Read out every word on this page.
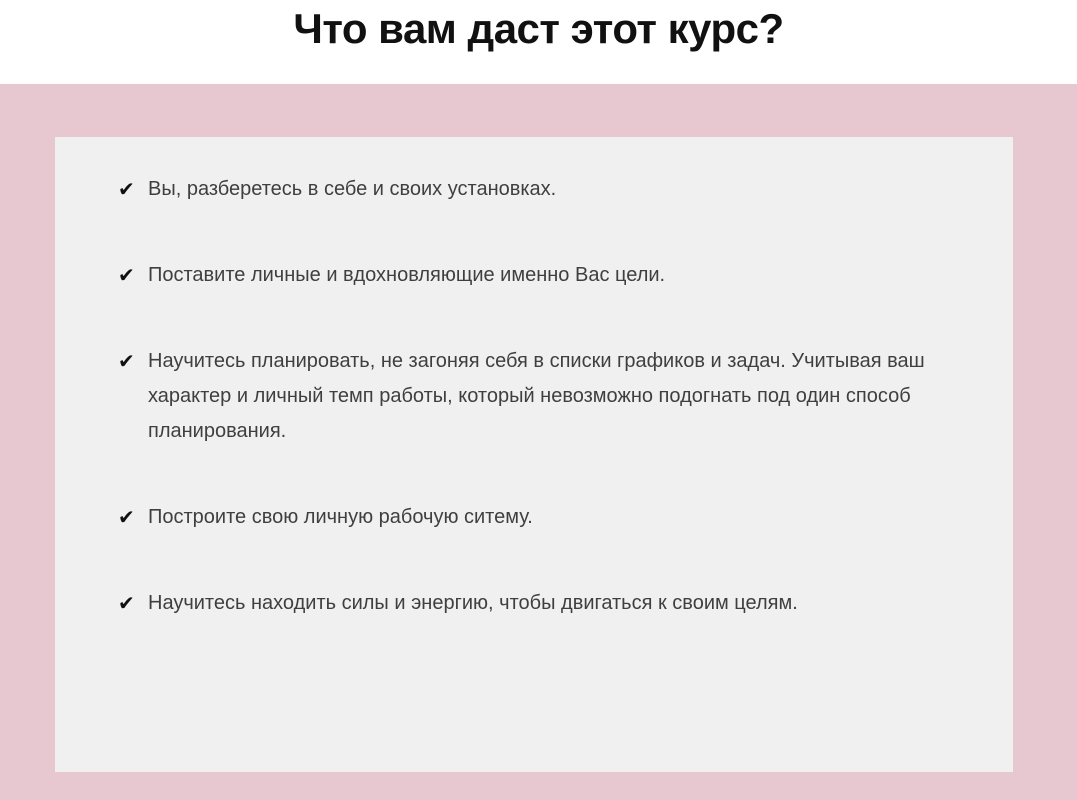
Что вам даст этот курс?
✔ Вы, разберетесь в себе и своих установках.
✔ Поставите личные и вдохновляющие именно Вас цели.
✔ Научитесь планировать, не загоняя себя в списки графиков и задач. Учитывая ваш характер и личный темп работы, который невозможно подогнать под один способ планирования.
✔ Построите свою личную рабочую ситему.
✔ Научитесь находить силы и энергию, чтобы двигаться к своим целям.
